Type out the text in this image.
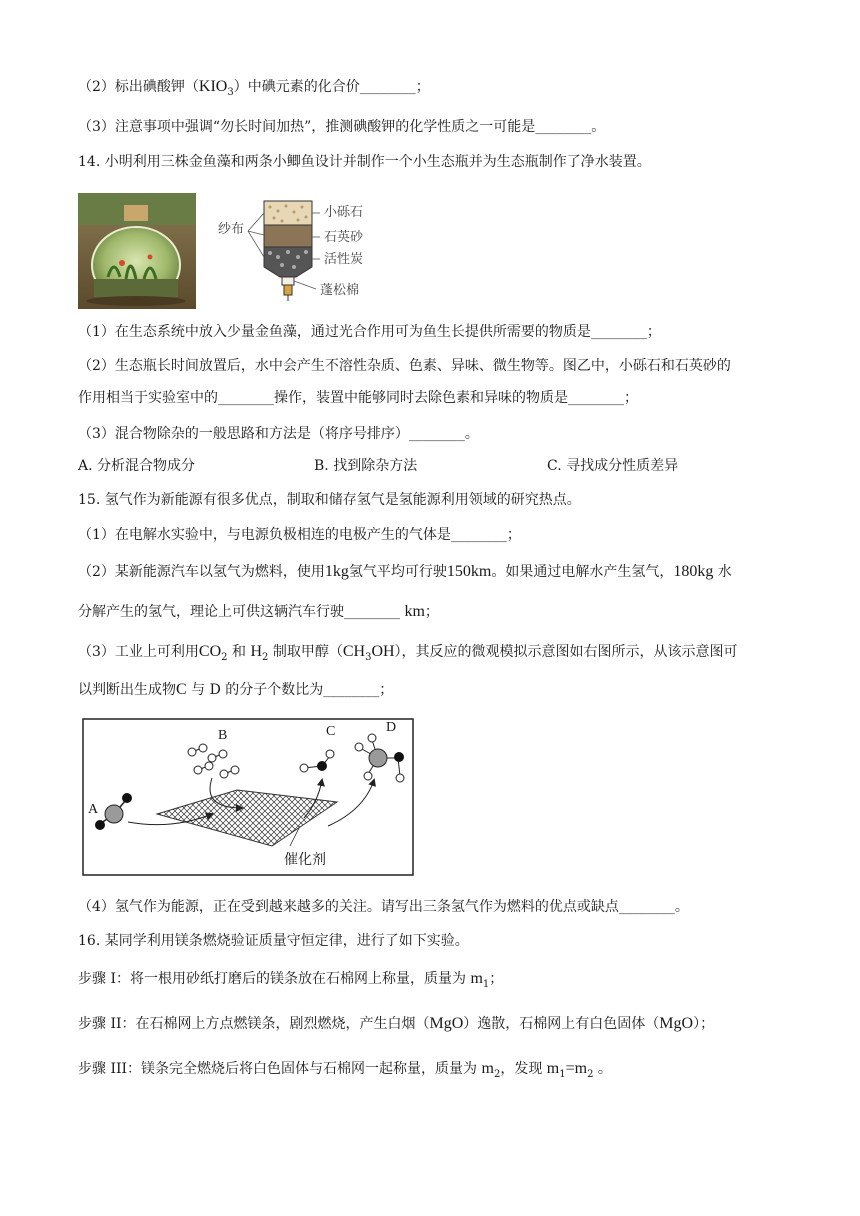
（2）标出碘酸钾$(KIO_3)$中碘元素的化合价________；
（3）注意事项中强调“勿长时间加热”，推测碘酸钾的化学性质之一可能是________。
14. 小明利用三株金鱼藻和两条小鲫鱼设计并制作一个小生态瓶并为生态瓶制作了净水装置。
纱布
小砾石
石英砂
活性炭
蓬松棉
（1）在生态系统中放入少量金鱼藻，通过光合作用可为鱼生长提供所需要的物质是________；
（2）生态瓶长时间放置后，水中会产生不溶性杂质、色素、异味、微生物等。图乙中，小砾石和石英砂的
作用相当于实验室中的________操作，装置中能够同时去除色素和异味的物质是________；
（3）混合物除杂的一般思路和方法是（将序号排序）________。
A. 分析混合物成分	B. 找到除杂方法	C. 寻找成分性质差异
15. 氢气作为新能源有很多优点，制取和储存氢气是氢能源利用领域的研究热点。
（1）在电解水实验中，与电源负极相连的电极产生的气体是________；
（2）某新能源汽车以氢气为燃料，使用1kg氢气平均可行驶150km。如果通过电解水产生氢气，180kg 水
分解产生的氢气，理论上可供这辆汽车行驶________ km；
（3）工业上可利用$CO_2$ 和 $H_2$ 制取甲醇$(CH_3OH)$，其反应的微观模拟示意图如右图所示，从该示意图可
以判断出生成物C 与 D 的分子个数比为________；
A
B	C	D
催化剂
（4）氢气作为能源，正在受到越来越多的关注。请写出三条氢气作为燃料的优点或缺点________。
16. 某同学利用镁条燃烧验证质量守恒定律，进行了如下实验。
步骤 I：将一根用砂纸打磨后的镁条放在石棉网上称量，质量为 $m_1$；
步骤 II：在石棉网上方点燃镁条，剧烈燃烧，产生白烟（MgO）逸散，石棉网上有白色固体（MgO）；
步骤 III：镁条完全燃烧后将白色固体与石棉网一起称量，质量为 $m_2$，发现 $m_1=m_2$ 。
